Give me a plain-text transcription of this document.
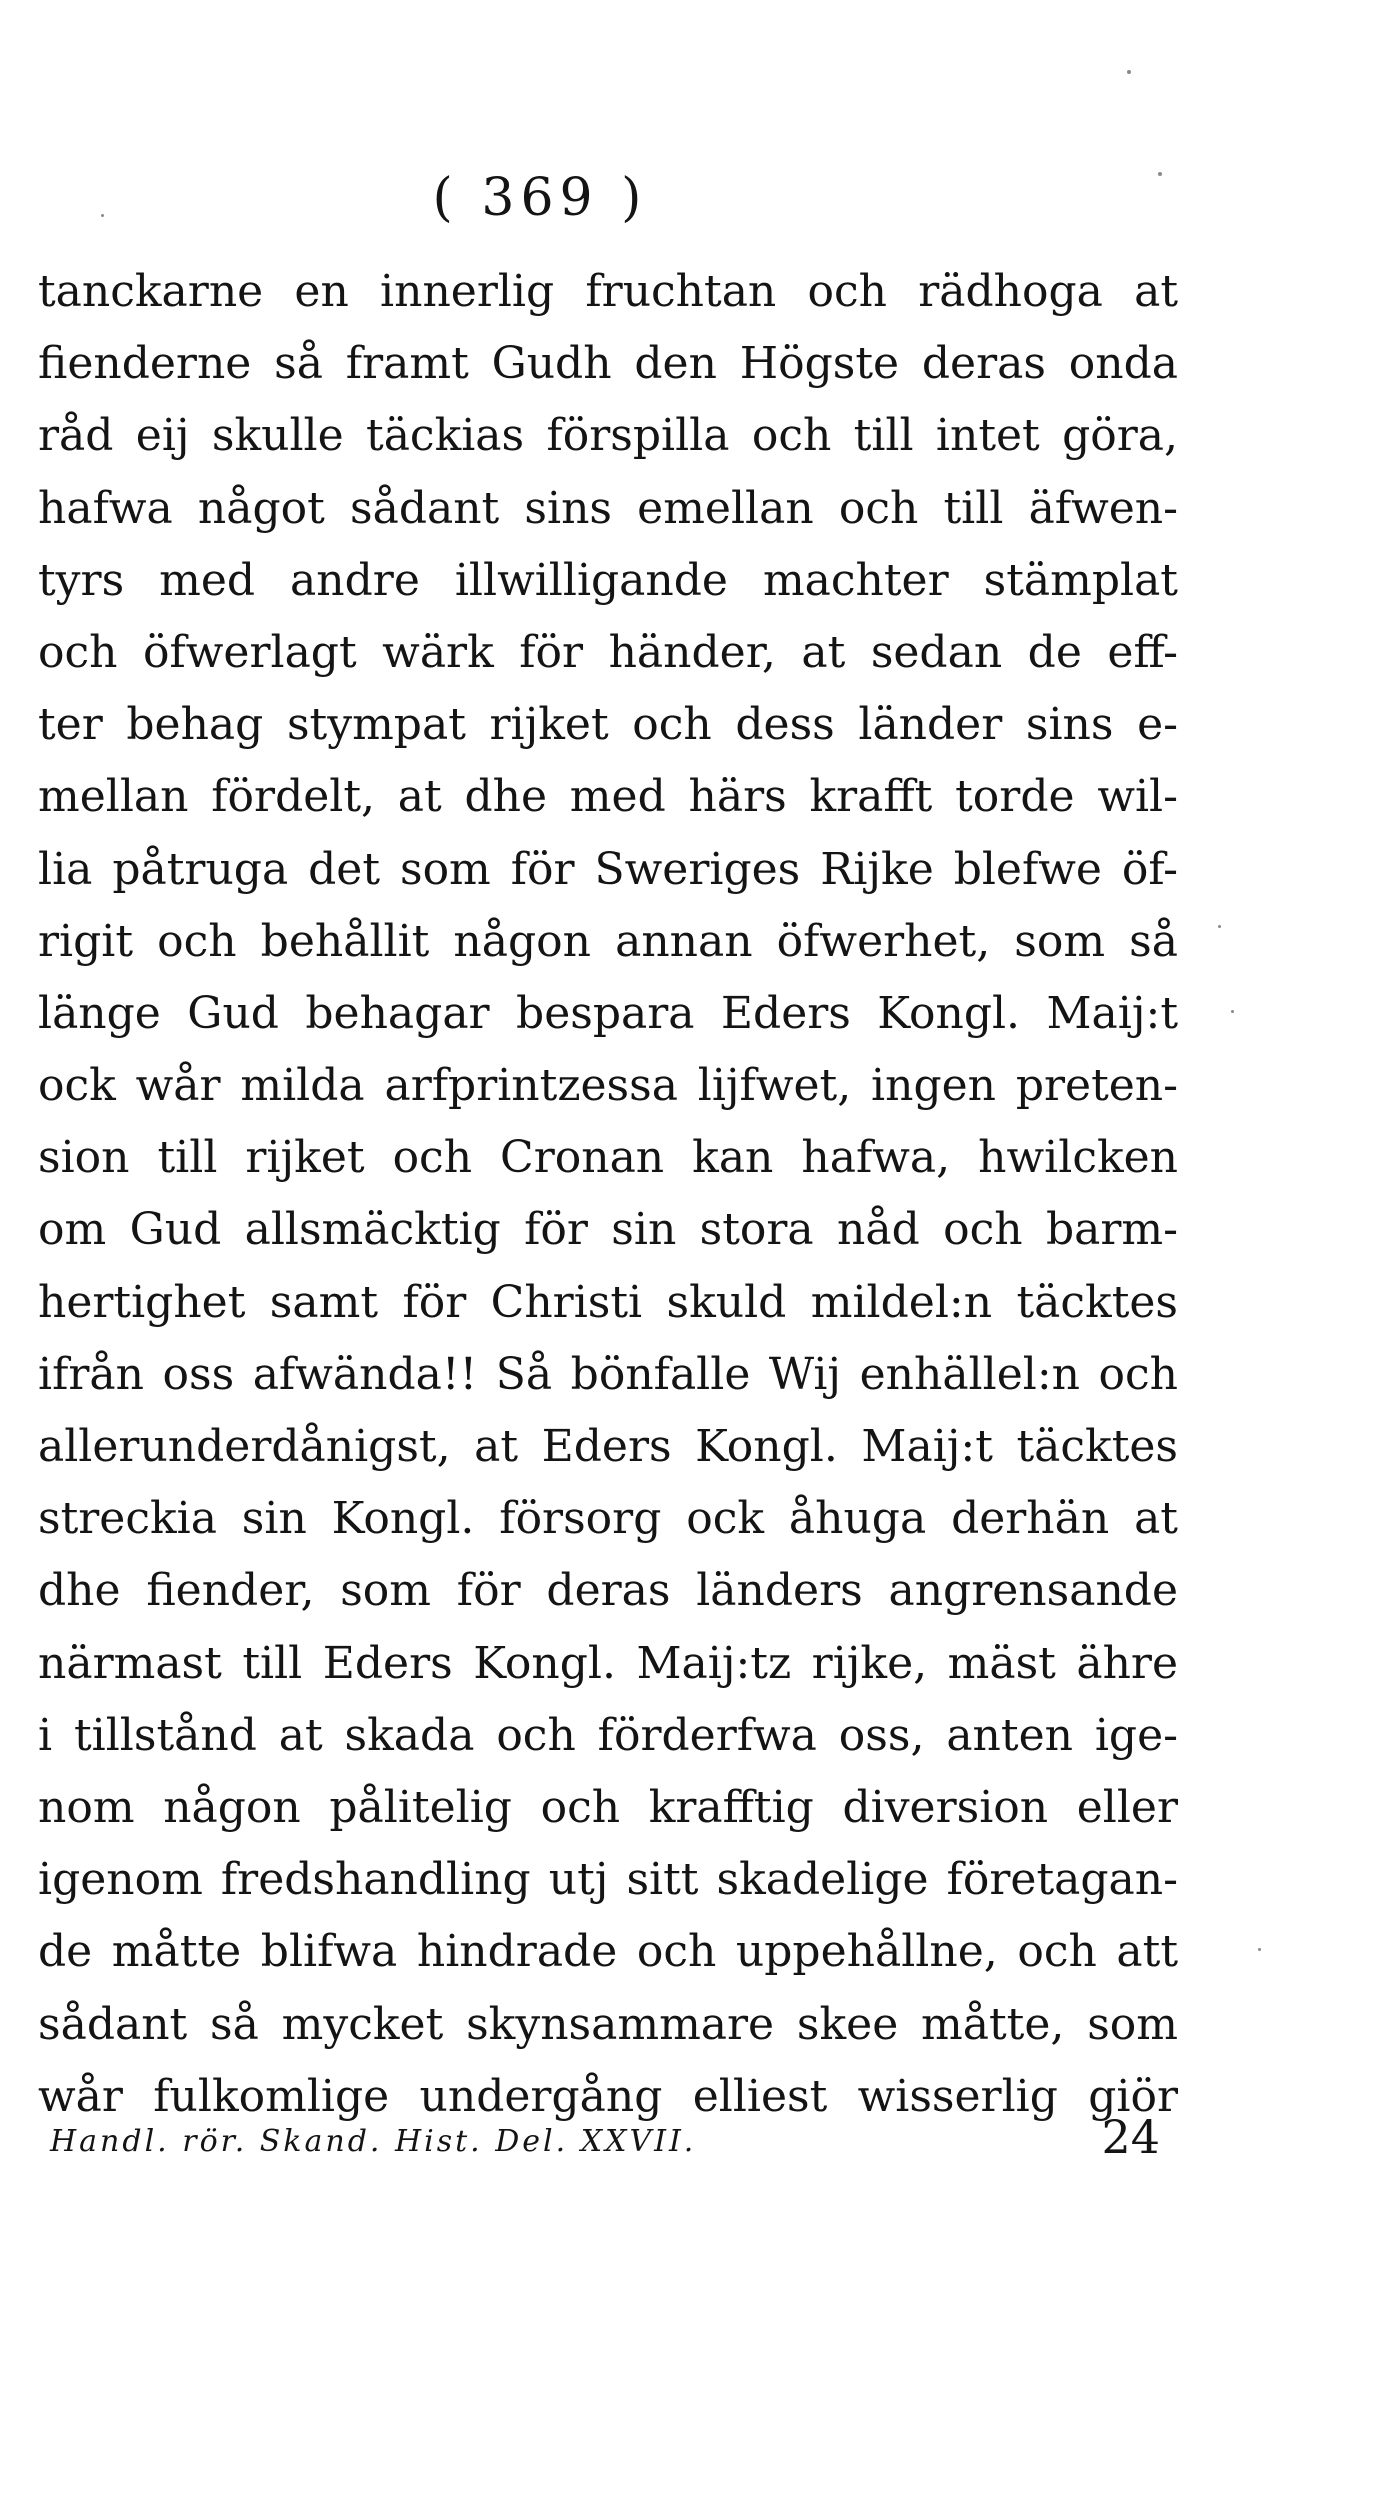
( 369 )
tanckarne en innerlig fruchtan och rädhoga at
fienderne så framt Gudh den Högste deras onda
råd eij skulle täckias förspilla och till intet göra,
hafwa något sådant sins emellan och till äfwen-
tyrs med andre illwilligande machter stämplat
och öfwerlagt wärk för händer, at sedan de eff-
ter behag stympat rijket och dess länder sins e-
mellan fördelt, at dhe med härs krafft torde wil-
lia påtruga det som för Sweriges Rijke blefwe öf-
rigit och behållit någon annan öfwerhet, som så
länge Gud behagar bespara Eders Kongl. Maij:t
ock wår milda arfprintzessa lijfwet, ingen preten-
sion till rijket och Cronan kan hafwa, hwilcken
om Gud allsmäcktig för sin stora nåd och barm-
hertighet samt för Christi skuld mildel:n täcktes
ifrån oss afwända!! Så bönfalle Wij enhällel:n och
allerunderdånigst, at Eders Kongl. Maij:t täcktes
streckia sin Kongl. försorg ock åhuga derhän at
dhe fiender, som för deras länders angrensande
närmast till Eders Kongl. Maij:tz rijke, mäst ähre
i tillstånd at skada och förderfwa oss, anten ige-
nom någon pålitelig och krafftig diversion eller
igenom fredshandling utj sitt skadelige företagan-
de måtte blifwa hindrade och uppehållne, och att
sådant så mycket skynsammare skee måtte, som
wår fulkomlige undergång elliest wisserlig giör
Handl. rör. Skand. Hist. Del. XXVII.	24
